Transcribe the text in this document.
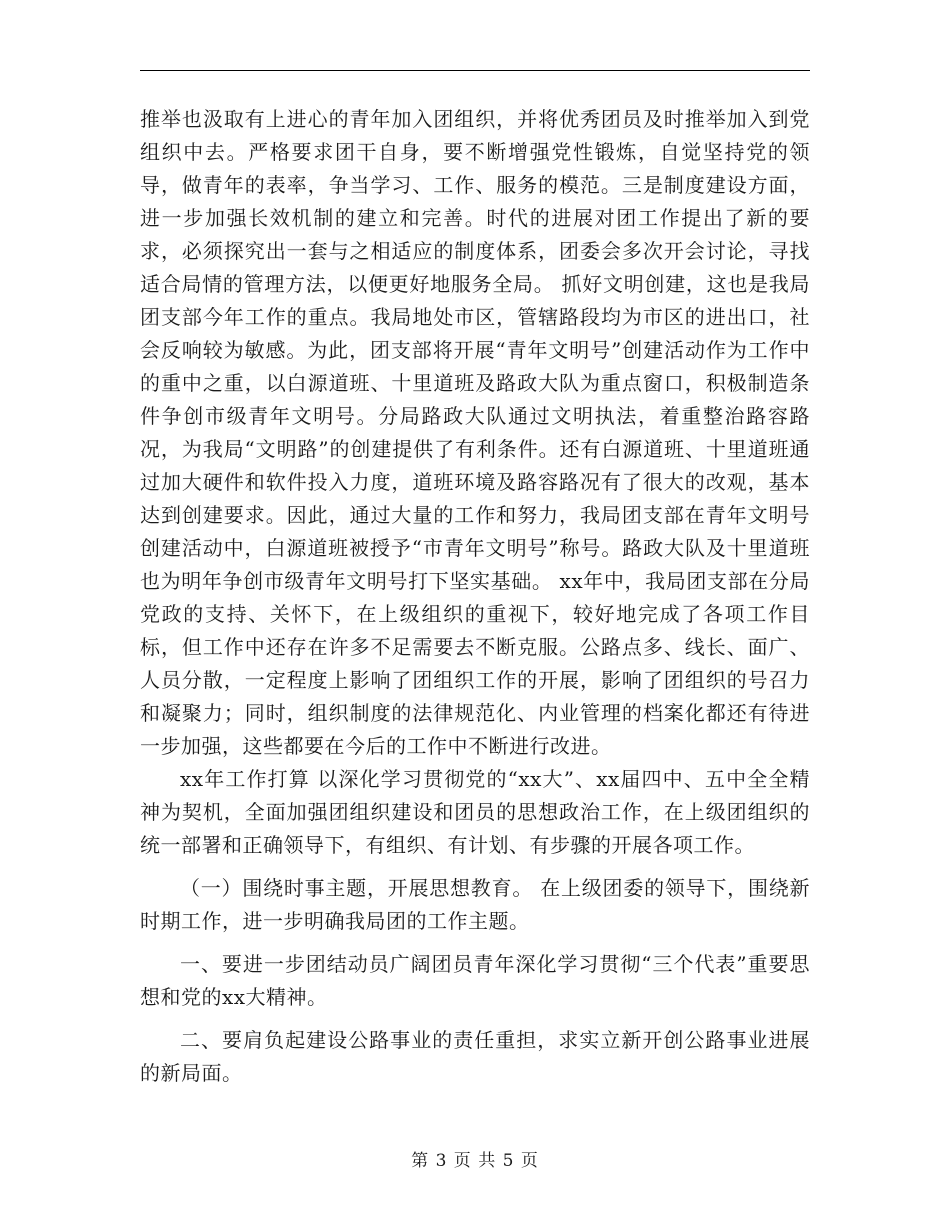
推举也汲取有上进心的青年加入团组织，并将优秀团员及时推举加入到党组织中去。严格要求团干自身，要不断增强党性锻炼，自觉坚持党的领导，做青年的表率，争当学习、工作、服务的模范。三是制度建设方面，进一步加强长效机制的建立和完善。时代的进展对团工作提出了新的要求，必须探究出一套与之相适应的制度体系，团委会多次开会讨论，寻找适合局情的管理方法，以便更好地服务全局。 抓好文明创建，这也是我局团支部今年工作的重点。我局地处市区，管辖路段均为市区的进出口，社会反响较为敏感。为此，团支部将开展“青年文明号”创建活动作为工作中的重中之重，以白源道班、十里道班及路政大队为重点窗口，积极制造条件争创市级青年文明号。分局路政大队通过文明执法，着重整治路容路况，为我局“文明路”的创建提供了有利条件。还有白源道班、十里道班通过加大硬件和软件投入力度，道班环境及路容路况有了很大的改观，基本达到创建要求。因此，通过大量的工作和努力，我局团支部在青年文明号创建活动中，白源道班被授予“市青年文明号”称号。路政大队及十里道班也为明年争创市级青年文明号打下坚实基础。 xx年中，我局团支部在分局党政的支持、关怀下，在上级组织的重视下，较好地完成了各项工作目标，但工作中还存在许多不足需要去不断克服。公路点多、线长、面广、人员分散，一定程度上影响了团组织工作的开展，影响了团组织的号召力和凝聚力；同时，组织制度的法律规范化、内业管理的档案化都还有待进一步加强，这些都要在今后的工作中不断进行改进。

xx年工作打算 以深化学习贯彻党的“xx大”、xx届四中、五中全全精神为契机，全面加强团组织建设和团员的思想政治工作，在上级团组织的统一部署和正确领导下，有组织、有计划、有步骤的开展各项工作。

（一）围绕时事主题，开展思想教育。 在上级团委的领导下，围绕新时期工作，进一步明确我局团的工作主题。

一、要进一步团结动员广阔团员青年深化学习贯彻“三个代表”重要思想和党的xx大精神。

二、要肩负起建设公路事业的责任重担，求实立新开创公路事业进展的新局面。

第 3 页 共 5 页
